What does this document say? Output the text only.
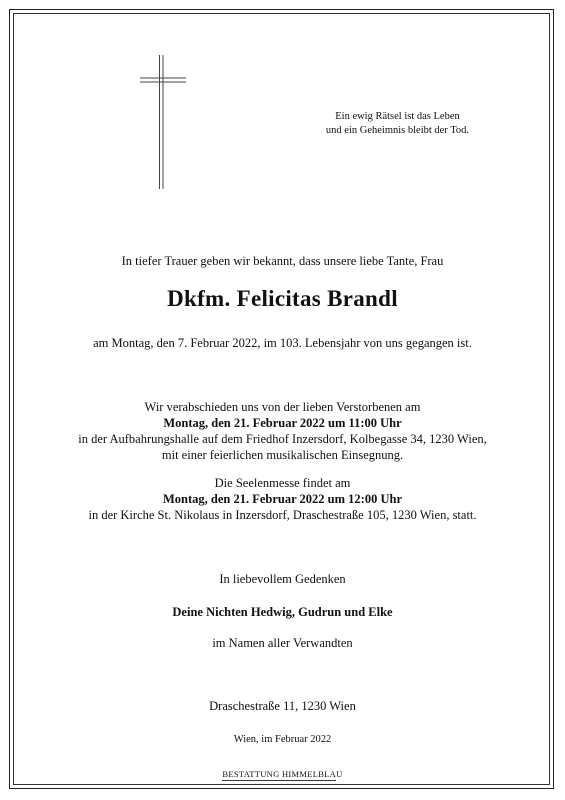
Ein ewig Rätsel ist das Leben
und ein Geheimnis bleibt der Tod.
In tiefer Trauer geben wir bekannt, dass unsere liebe Tante, Frau
Dkfm. Felicitas Brandl
am Montag, den 7. Februar 2022, im 103. Lebensjahr von uns gegangen ist.
Wir verabschieden uns von der lieben Verstorbenen am
Montag, den 21. Februar 2022 um 11:00 Uhr
in der Aufbahrungshalle auf dem Friedhof Inzersdorf, Kolbegasse 34, 1230 Wien,
mit einer feierlichen musikalischen Einsegnung.
Die Seelenmesse findet am
Montag, den 21. Februar 2022 um 12:00 Uhr
in der Kirche St. Nikolaus in Inzersdorf, Draschestraße 105, 1230 Wien, statt.
In liebevollem Gedenken
Deine Nichten Hedwig, Gudrun und Elke
im Namen aller Verwandten
Draschestraße 11, 1230 Wien
Wien, im Februar 2022
BESTATTUNG HIMMELBLAU
